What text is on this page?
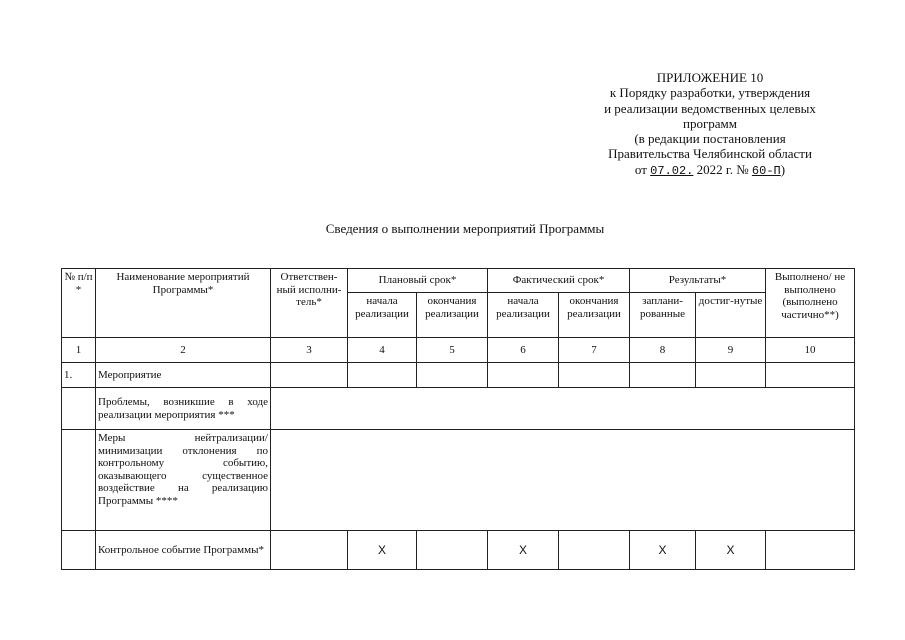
ПРИЛОЖЕНИЕ 10
к Порядку разработки, утверждения
и реализации ведомственных целевых
программ
(в редакции постановления
Правительства Челябинской области
от 07.02. 2022 г. № 60-П)
Сведения о выполнении мероприятий Программы
№ п/п *	Наименование мероприятий Программы*	Ответствен-ный исполни-тель*	Плановый срок*		Фактический срок*		Результаты*		Выполнено/ не выполнено (выполнено частично**)
			начала реализации	окончания реализации	начала реализации	окончания реализации	заплани-рованные	достиг-нутые	
1	2	3	4	5	6	7	8	9	10
1.	Мероприятие								
	Проблемы, возникшие в ходе реализации мероприятия ***								
	Меры нейтрализации/ минимизации отклонения по контрольному событию, оказывающего существенное воздействие на реализацию Программы ****								
	Контрольное событие Программы*		Х		Х		Х	Х	
